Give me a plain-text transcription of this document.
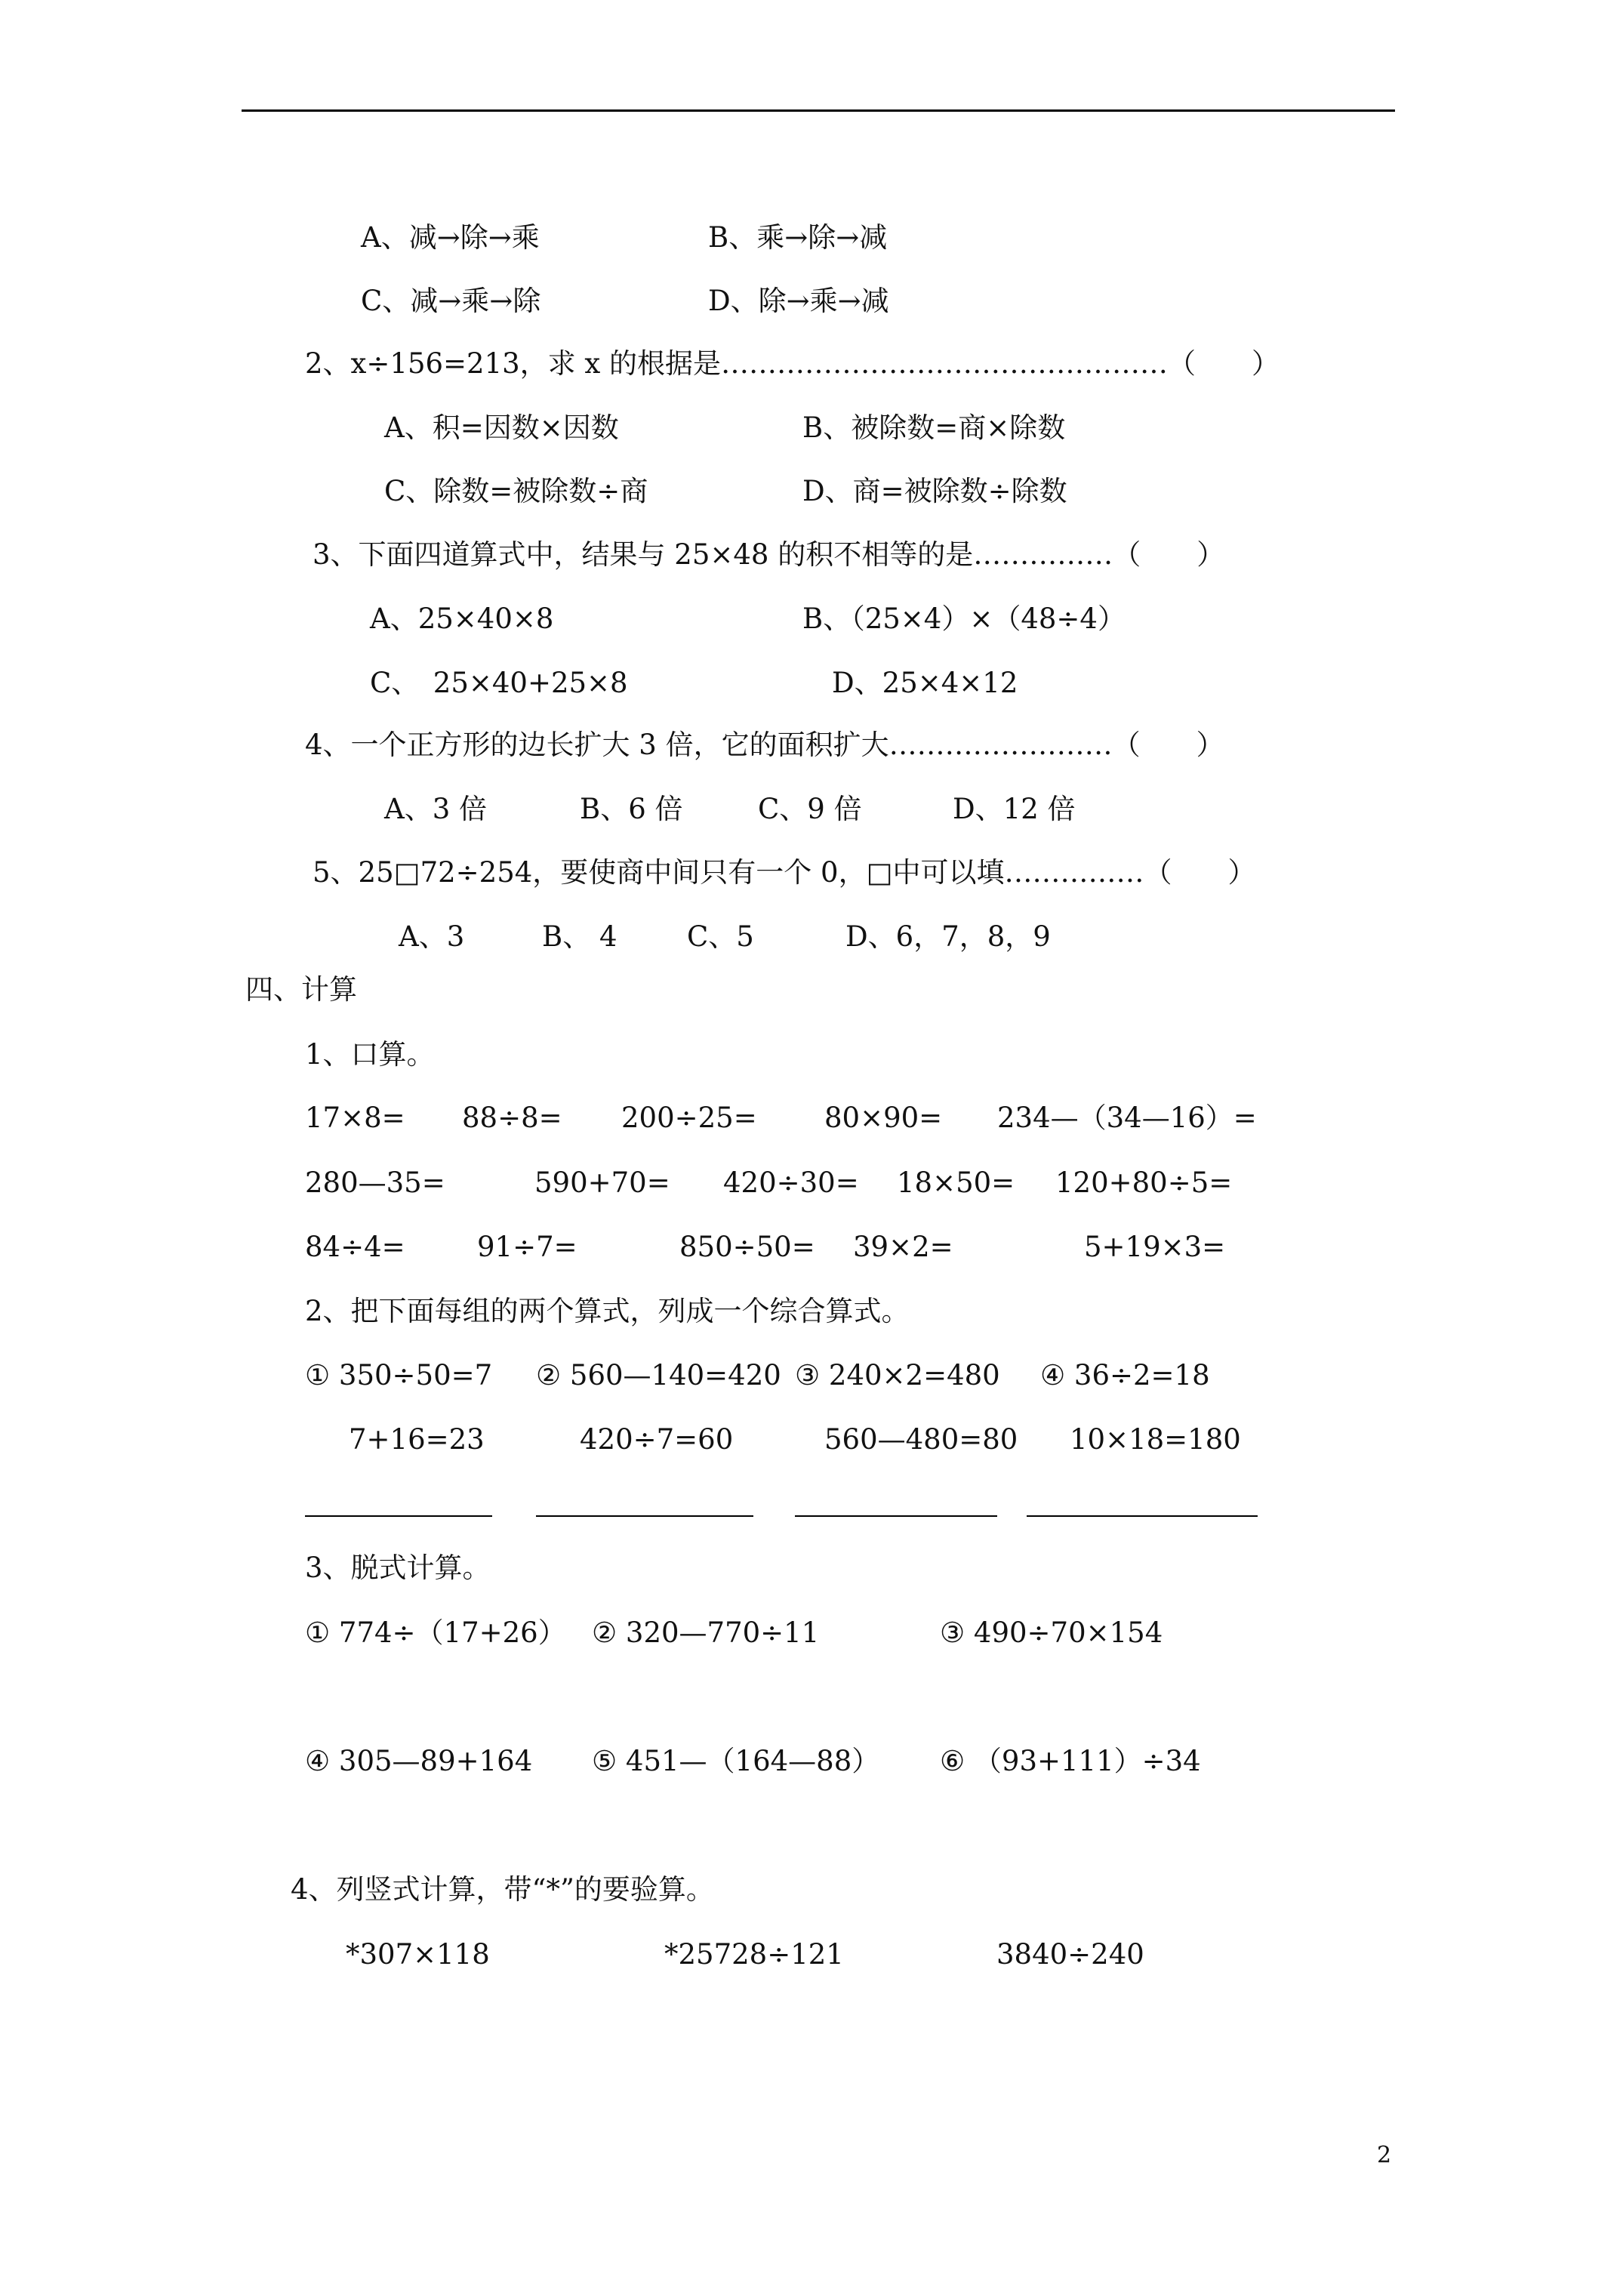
A、减→除→乘	B、乘→除→减
C、减→乘→除	D、除→乘→减
2、x÷156=213，求 x 的根据是…………………………………………（　　）
A、积=因数×因数	B、被除数=商×除数
C、除数=被除数÷商	D、商=被除数÷除数
3、下面四道算式中，结果与 25×48 的积不相等的是……………（　　）
A、25×40×8	B、（25×4）×（48÷4）
C、　25×40+25×8	D、25×4×12
4、一个正方形的边长扩大 3 倍，它的面积扩大……………………（　　）
A、3 倍	B、6 倍	C、9 倍	D、12 倍
5、25□72÷254，要使商中间只有一个 0，□中可以填……………（　　）
A、3	B、 4	C、5	D、6，7，8，9
四、计算
1、口算。
17×8= 88÷8= 200÷25= 80×90= 234—（34—16）=
280—35=	590+70= 420÷30= 18×50= 120+80÷5=
84÷4=	91÷7=	850÷50= 39×2=	5+19×3=
2、把下面每组的两个算式，列成一个综合算式。
① 350÷50=7 ② 560—140=420 ③ 240×2=480 ④ 36÷2=18
7+16=23	420÷7=60	560—480=80 10×18=180
3、脱式计算。
① 774÷（17+26） ② 320—770÷11	③ 490÷70×154
④ 305—89+164 ⑤ 451—（164—88） ⑥ （93+111）÷34
4、列竖式计算，带“*”的要验算。
*307×118	*25728÷121	3840÷240
2
